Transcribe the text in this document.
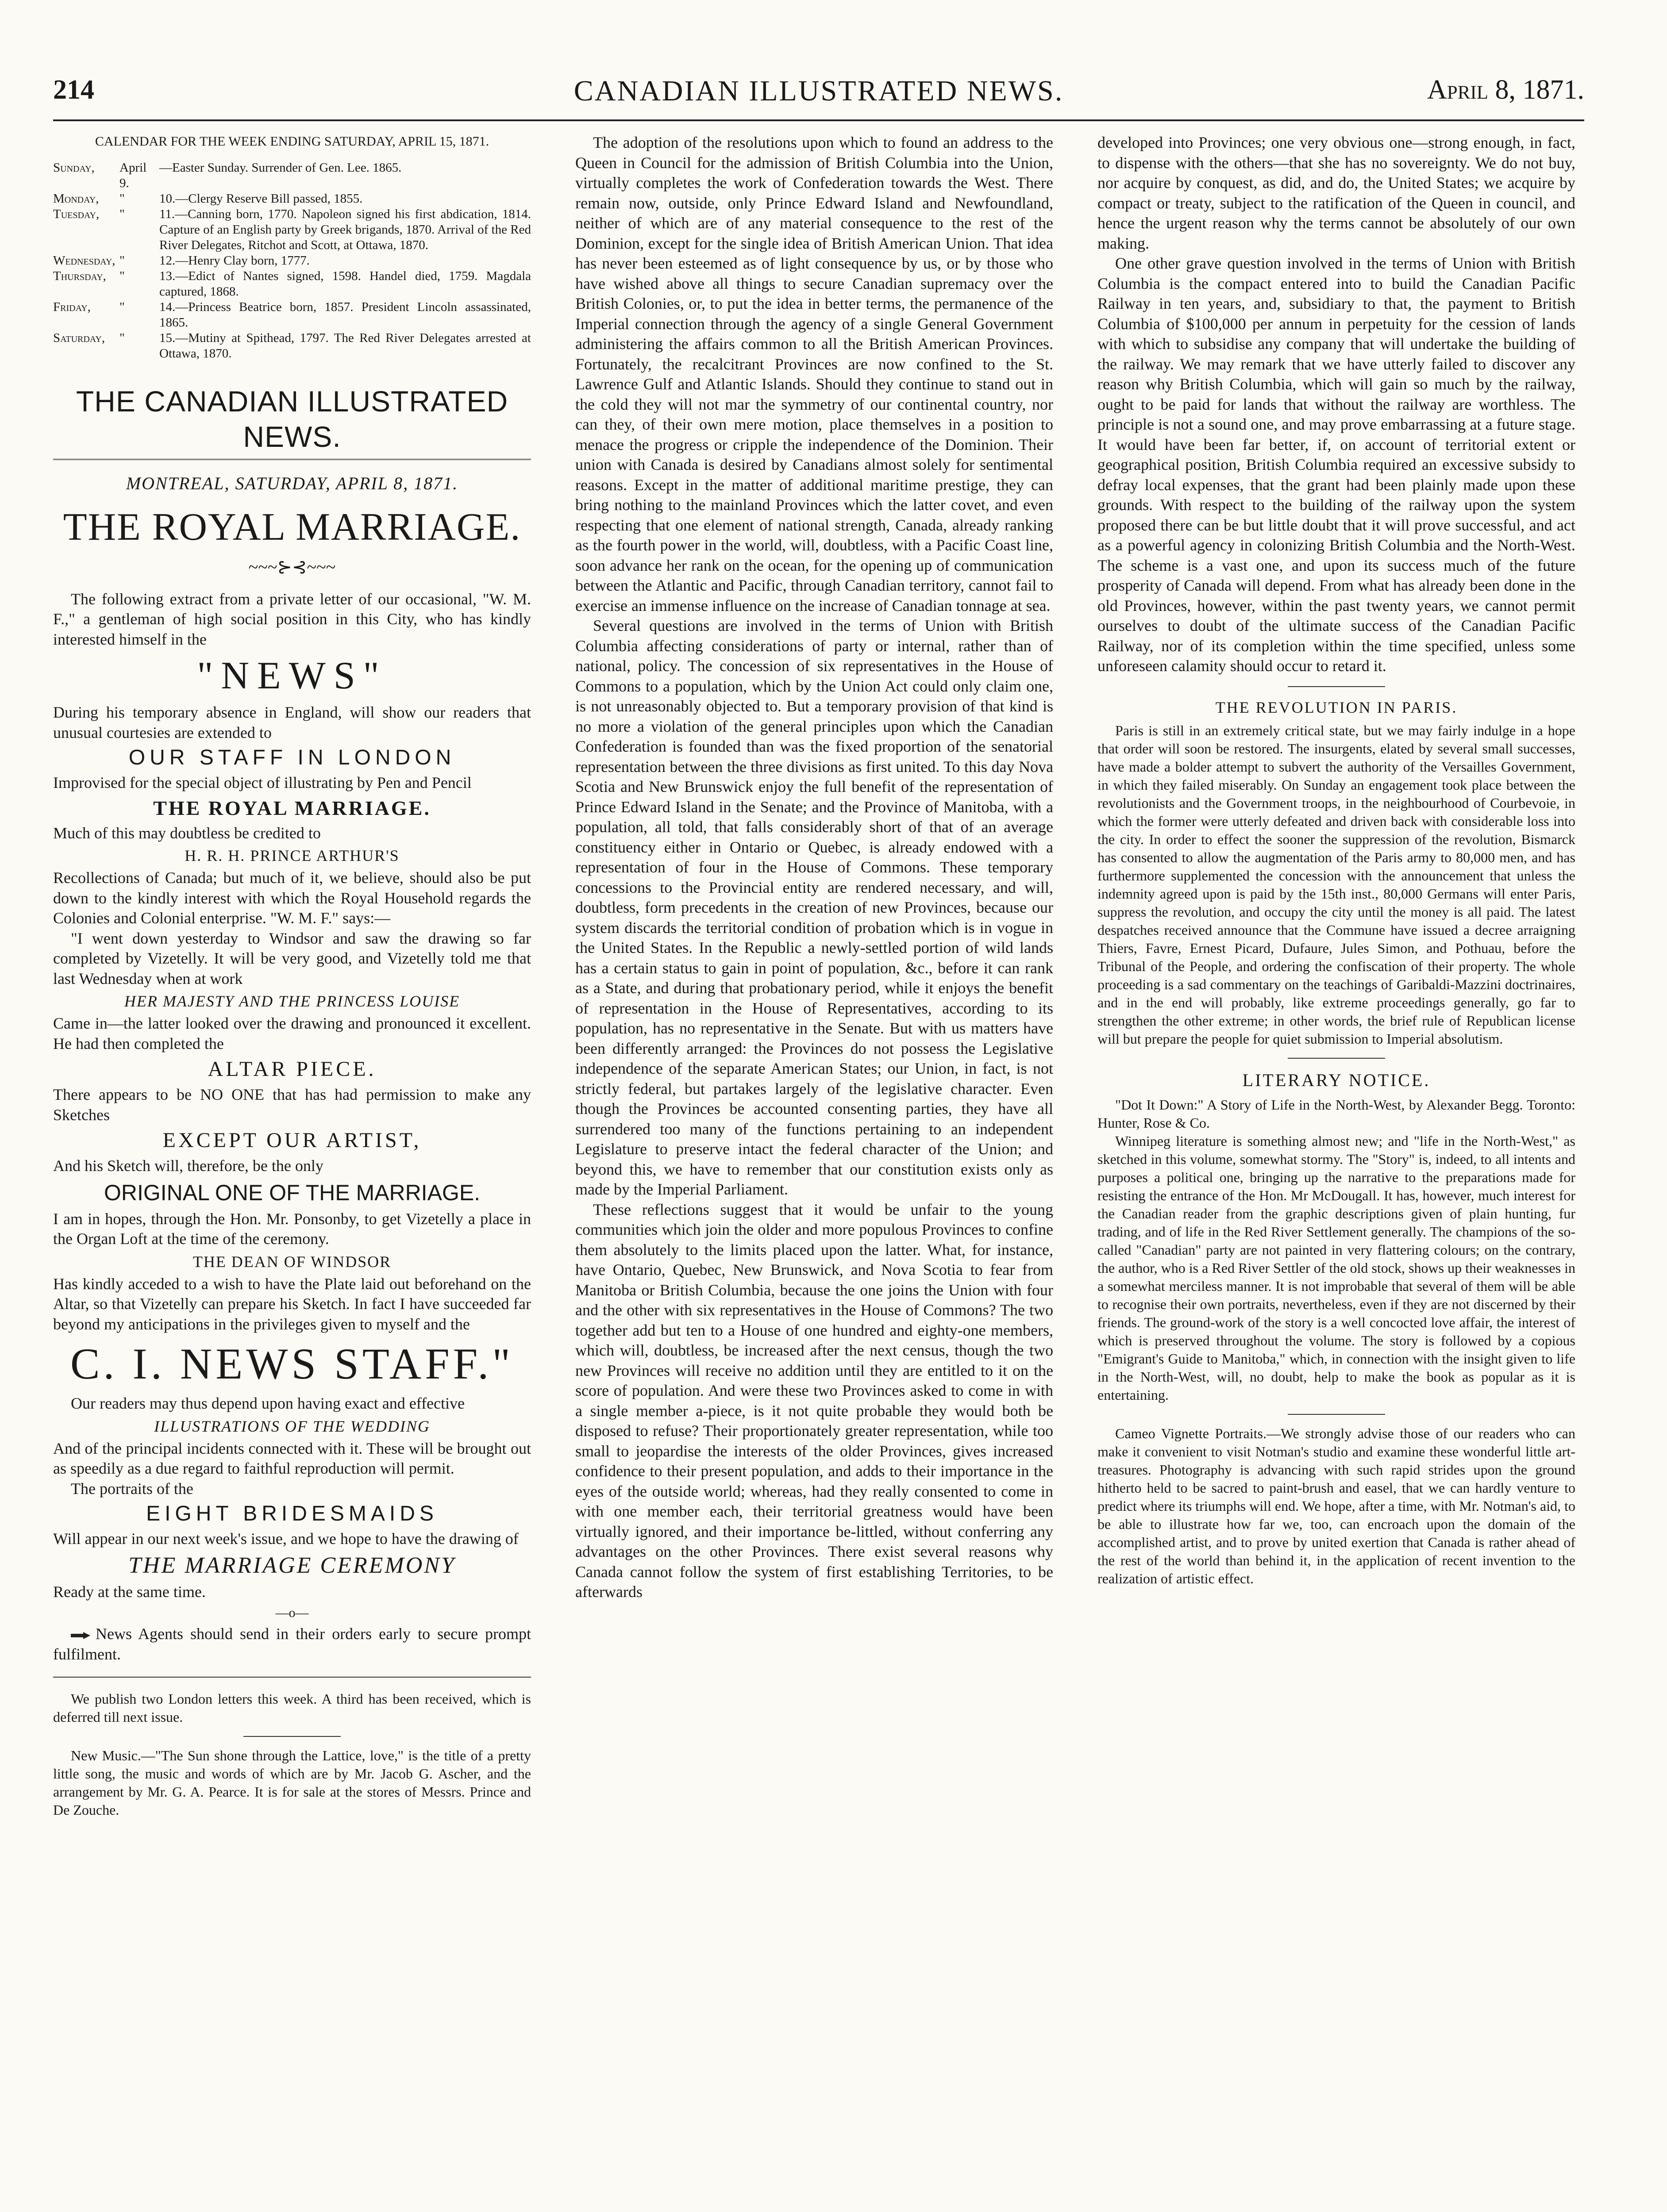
214	CANADIAN ILLUSTRATED NEWS.	April 8, 1871.
CALENDAR FOR THE WEEK ENDING SATURDAY, APRIL 15, 1871.
Sunday,	April 9.	—Easter Sunday. Surrender of Gen. Lee. 1865.
Monday,	"	10.—Clergy Reserve Bill passed, 1855.
Tuesday,	"	11.—Canning born, 1770. Napoleon signed his first abdication, 1814. Capture of an English party by Greek brigands, 1870. Arrival of the Red River Delegates, Ritchot and Scott, at Ottawa, 1870.
Wednesday,	"	12.—Henry Clay born, 1777.
Thursday,	"	13.—Edict of Nantes signed, 1598. Handel died, 1759. Magdala captured, 1868.
Friday,	"	14.—Princess Beatrice born, 1857. President Lincoln assassinated, 1865.
Saturday,	"	15.—Mutiny at Spithead, 1797. The Red River Delegates arrested at Ottawa, 1870.
THE CANADIAN ILLUSTRATED NEWS.
MONTREAL, SATURDAY, APRIL 8, 1871.
THE ROYAL MARRIAGE.
~~~⊱⊰~~~

The following extract from a private letter of our occasional, "W. M. F.," a gentleman of high social position in this City, who has kindly interested himself in the

"NEWS"

During his temporary absence in England, will show our readers that unusual courtesies are extended to

OUR STAFF IN LONDON

Improvised for the special object of illustrating by Pen and Pencil

THE ROYAL MARRIAGE.

Much of this may doubtless be credited to

H. R. H. PRINCE ARTHUR'S

Recollections of Canada; but much of it, we believe, should also be put down to the kindly interest with which the Royal Household regards the Colonies and Colonial enterprise. "W. M. F." says:—

"I went down yesterday to Windsor and saw the drawing so far completed by Vizetelly. It will be very good, and Vizetelly told me that last Wednesday when at work

HER MAJESTY AND THE PRINCESS LOUISE

Came in—the latter looked over the drawing and pronounced it excellent. He had then completed the

ALTAR PIECE.

There appears to be NO ONE that has had permission to make any Sketches

EXCEPT OUR ARTIST,

And his Sketch will, therefore, be the only

ORIGINAL ONE OF THE MARRIAGE.

I am in hopes, through the Hon. Mr. Ponsonby, to get Vizetelly a place in the Organ Loft at the time of the ceremony.

THE DEAN OF WINDSOR

Has kindly acceded to a wish to have the Plate laid out beforehand on the Altar, so that Vizetelly can prepare his Sketch. In fact I have succeeded far beyond my anticipations in the privileges given to myself and the

C. I. NEWS STAFF."

Our readers may thus depend upon having exact and effective

ILLUSTRATIONS OF THE WEDDING

And of the principal incidents connected with it. These will be brought out as speedily as a due regard to faithful reproduction will permit.

The portraits of the

EIGHT BRIDESMAIDS

Will appear in our next week's issue, and we hope to have the drawing of

THE MARRIAGE CEREMONY

Ready at the same time.

—o—

News Agents should send in their orders early to secure prompt fulfilment.

We publish two London letters this week. A third has been received, which is deferred till next issue.

New Music.—"The Sun shone through the Lattice, love," is the title of a pretty little song, the music and words of which are by Mr. Jacob G. Ascher, and the arrangement by Mr. G. A. Pearce. It is for sale at the stores of Messrs. Prince and De Zouche.

The adoption of the resolutions upon which to found an address to the Queen in Council for the admission of British Columbia into the Union, virtually completes the work of Confederation towards the West. There remain now, outside, only Prince Edward Island and Newfoundland, neither of which are of any material consequence to the rest of the Dominion, except for the single idea of British American Union. That idea has never been esteemed as of light consequence by us, or by those who have wished above all things to secure Canadian supremacy over the British Colonies, or, to put the idea in better terms, the permanence of the Imperial connection through the agency of a single General Government administering the affairs common to all the British American Provinces. Fortunately, the recalcitrant Provinces are now confined to the St. Lawrence Gulf and Atlantic Islands. Should they continue to stand out in the cold they will not mar the symmetry of our continental country, nor can they, of their own mere motion, place themselves in a position to menace the progress or cripple the independence of the Dominion. Their union with Canada is desired by Canadians almost solely for sentimental reasons. Except in the matter of additional maritime prestige, they can bring nothing to the mainland Provinces which the latter covet, and even respecting that one element of national strength, Canada, already ranking as the fourth power in the world, will, doubtless, with a Pacific Coast line, soon advance her rank on the ocean, for the opening up of communication between the Atlantic and Pacific, through Canadian territory, cannot fail to exercise an immense influence on the increase of Canadian tonnage at sea.

Several questions are involved in the terms of Union with British Columbia affecting considerations of party or internal, rather than of national, policy. The concession of six representatives in the House of Commons to a population, which by the Union Act could only claim one, is not unreasonably objected to. But a temporary provision of that kind is no more a violation of the general principles upon which the Canadian Confederation is founded than was the fixed proportion of the senatorial representation between the three divisions as first united. To this day Nova Scotia and New Brunswick enjoy the full benefit of the representation of Prince Edward Island in the Senate; and the Province of Manitoba, with a population, all told, that falls considerably short of that of an average constituency either in Ontario or Quebec, is already endowed with a representation of four in the House of Commons. These temporary concessions to the Provincial entity are rendered necessary, and will, doubtless, form precedents in the creation of new Provinces, because our system discards the territorial condition of probation which is in vogue in the United States. In the Republic a newly-settled portion of wild lands has a certain status to gain in point of population, &c., before it can rank as a State, and during that probationary period, while it enjoys the benefit of representation in the House of Representatives, according to its population, has no representative in the Senate. But with us matters have been differently arranged: the Provinces do not possess the Legislative independence of the separate American States; our Union, in fact, is not strictly federal, but partakes largely of the legislative character. Even though the Provinces be accounted consenting parties, they have all surrendered too many of the functions pertaining to an independent Legislature to preserve intact the federal character of the Union; and beyond this, we have to remember that our constitution exists only as made by the Imperial Parliament.

These reflections suggest that it would be unfair to the young communities which join the older and more populous Provinces to confine them absolutely to the limits placed upon the latter. What, for instance, have Ontario, Quebec, New Brunswick, and Nova Scotia to fear from Manitoba or British Columbia, because the one joins the Union with four and the other with six representatives in the House of Commons? The two together add but ten to a House of one hundred and eighty-one members, which will, doubtless, be increased after the next census, though the two new Provinces will receive no addition until they are entitled to it on the score of population. And were these two Provinces asked to come in with a single member a-piece, is it not quite probable they would both be disposed to refuse? Their proportionately greater representation, while too small to jeopardise the interests of the older Provinces, gives increased confidence to their present population, and adds to their importance in the eyes of the outside world; whereas, had they really consented to come in with one member each, their territorial greatness would have been virtually ignored, and their importance be-littled, without conferring any advantages on the other Provinces. There exist several reasons why Canada cannot follow the system of first establishing Territories, to be afterwards

developed into Provinces; one very obvious one—strong enough, in fact, to dispense with the others—that she has no sovereignty. We do not buy, nor acquire by conquest, as did, and do, the United States; we acquire by compact or treaty, subject to the ratification of the Queen in council, and hence the urgent reason why the terms cannot be absolutely of our own making.

One other grave question involved in the terms of Union with British Columbia is the compact entered into to build the Canadian Pacific Railway in ten years, and, subsidiary to that, the payment to British Columbia of $100,000 per annum in perpetuity for the cession of lands with which to subsidise any company that will undertake the building of the railway. We may remark that we have utterly failed to discover any reason why British Columbia, which will gain so much by the railway, ought to be paid for lands that without the railway are worthless. The principle is not a sound one, and may prove embarrassing at a future stage. It would have been far better, if, on account of territorial extent or geographical position, British Columbia required an excessive subsidy to defray local expenses, that the grant had been plainly made upon these grounds. With respect to the building of the railway upon the system proposed there can be but little doubt that it will prove successful, and act as a powerful agency in colonizing British Columbia and the North-West. The scheme is a vast one, and upon its success much of the future prosperity of Canada will depend. From what has already been done in the old Provinces, however, within the past twenty years, we cannot permit ourselves to doubt of the ultimate success of the Canadian Pacific Railway, nor of its completion within the time specified, unless some unforeseen calamity should occur to retard it.

THE REVOLUTION IN PARIS.

Paris is still in an extremely critical state, but we may fairly indulge in a hope that order will soon be restored. The insurgents, elated by several small successes, have made a bolder attempt to subvert the authority of the Versailles Government, in which they failed miserably. On Sunday an engagement took place between the revolutionists and the Government troops, in the neighbourhood of Courbevoie, in which the former were utterly defeated and driven back with considerable loss into the city. In order to effect the sooner the suppression of the revolution, Bismarck has consented to allow the augmentation of the Paris army to 80,000 men, and has furthermore supplemented the concession with the announcement that unless the indemnity agreed upon is paid by the 15th inst., 80,000 Germans will enter Paris, suppress the revolution, and occupy the city until the money is all paid. The latest despatches received announce that the Commune have issued a decree arraigning Thiers, Favre, Ernest Picard, Dufaure, Jules Simon, and Pothuau, before the Tribunal of the People, and ordering the confiscation of their property. The whole proceeding is a sad commentary on the teachings of Garibaldi-Mazzini doctrinaires, and in the end will probably, like extreme proceedings generally, go far to strengthen the other extreme; in other words, the brief rule of Republican license will but prepare the people for quiet submission to Imperial absolutism.

LITERARY NOTICE.

"Dot It Down:" A Story of Life in the North-West, by Alexander Begg. Toronto: Hunter, Rose & Co.

Winnipeg literature is something almost new; and "life in the North-West," as sketched in this volume, somewhat stormy. The "Story" is, indeed, to all intents and purposes a political one, bringing up the narrative to the preparations made for resisting the entrance of the Hon. Mr McDougall. It has, however, much interest for the Canadian reader from the graphic descriptions given of plain hunting, fur trading, and of life in the Red River Settlement generally. The champions of the so-called "Canadian" party are not painted in very flattering colours; on the contrary, the author, who is a Red River Settler of the old stock, shows up their weaknesses in a somewhat merciless manner. It is not improbable that several of them will be able to recognise their own portraits, nevertheless, even if they are not discerned by their friends. The ground-work of the story is a well concocted love affair, the interest of which is preserved throughout the volume. The story is followed by a copious "Emigrant's Guide to Manitoba," which, in connection with the insight given to life in the North-West, will, no doubt, help to make the book as popular as it is entertaining.

Cameo Vignette Portraits.—We strongly advise those of our readers who can make it convenient to visit Notman's studio and examine these wonderful little art-treasures. Photography is advancing with such rapid strides upon the ground hitherto held to be sacred to paint-brush and easel, that we can hardly venture to predict where its triumphs will end. We hope, after a time, with Mr. Notman's aid, to be able to illustrate how far we, too, can encroach upon the domain of the accomplished artist, and to prove by united exertion that Canada is rather ahead of the rest of the world than behind it, in the application of recent invention to the realization of artistic effect.
